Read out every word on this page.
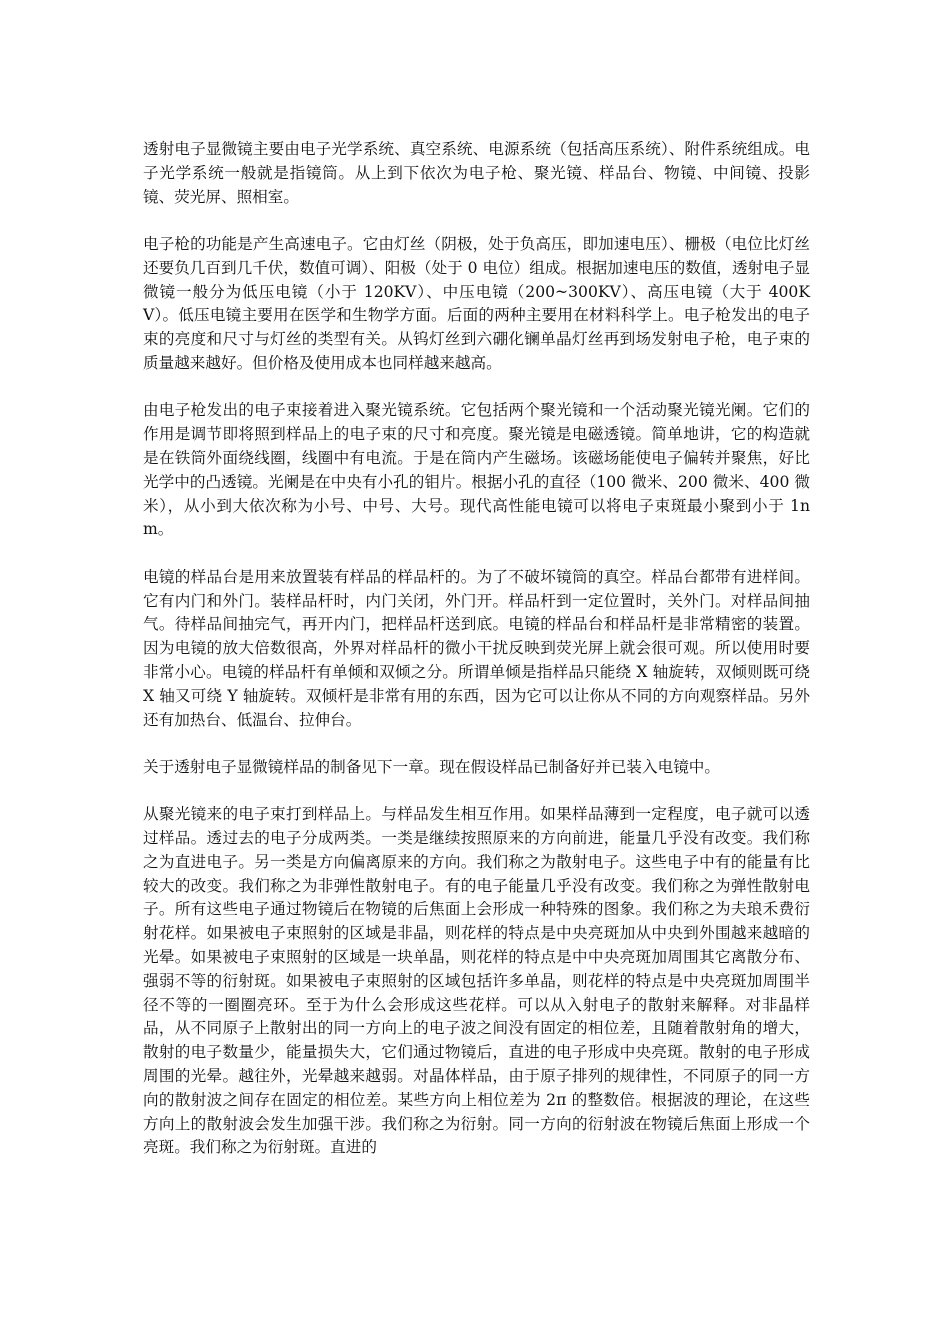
透射电子显微镜主要由电子光学系统、真空系统、电源系统（包括高压系统）、附件系统组成。电子光学系统一般就是指镜筒。从上到下依次为电子枪、聚光镜、样品台、物镜、中间镜、投影镜、荧光屏、照相室。

电子枪的功能是产生高速电子。它由灯丝（阴极，处于负高压，即加速电压）、栅极（电位比灯丝还要负几百到几千伏，数值可调）、阳极（处于 0 电位）组成。根据加速电压的数值，透射电子显微镜一般分为低压电镜（小于 120KV）、中压电镜（200~300KV）、高压电镜（大于 400KV）。低压电镜主要用在医学和生物学方面。后面的两种主要用在材料科学上。电子枪发出的电子束的亮度和尺寸与灯丝的类型有关。从钨灯丝到六硼化镧单晶灯丝再到场发射电子枪，电子束的质量越来越好。但价格及使用成本也同样越来越高。

由电子枪发出的电子束接着进入聚光镜系统。它包括两个聚光镜和一个活动聚光镜光阑。它们的作用是调节即将照到样品上的电子束的尺寸和亮度。聚光镜是电磁透镜。简单地讲，它的构造就是在铁筒外面绕线圈，线圈中有电流。于是在筒内产生磁场。该磁场能使电子偏转并聚焦，好比光学中的凸透镜。光阑是在中央有小孔的钼片。根据小孔的直径（100 微米、200 微米、400 微米），从小到大依次称为小号、中号、大号。现代高性能电镜可以将电子束斑最小聚到小于 1nm。

电镜的样品台是用来放置装有样品的样品杆的。为了不破坏镜筒的真空。样品台都带有进样间。它有内门和外门。装样品杆时，内门关闭，外门开。样品杆到一定位置时，关外门。对样品间抽气。待样品间抽完气，再开内门，把样品杆送到底。电镜的样品台和样品杆是非常精密的装置。因为电镜的放大倍数很高，外界对样品杆的微小干扰反映到荧光屏上就会很可观。所以使用时要非常小心。电镜的样品杆有单倾和双倾之分。所谓单倾是指样品只能绕 X 轴旋转，双倾则既可绕 X 轴又可绕 Y 轴旋转。双倾杆是非常有用的东西，因为它可以让你从不同的方向观察样品。另外还有加热台、低温台、拉伸台。

关于透射电子显微镜样品的制备见下一章。现在假设样品已制备好并已装入电镜中。

从聚光镜来的电子束打到样品上。与样品发生相互作用。如果样品薄到一定程度，电子就可以透过样品。透过去的电子分成两类。一类是继续按照原来的方向前进，能量几乎没有改变。我们称之为直进电子。另一类是方向偏离原来的方向。我们称之为散射电子。这些电子中有的能量有比较大的改变。我们称之为非弹性散射电子。有的电子能量几乎没有改变。我们称之为弹性散射电子。所有这些电子通过物镜后在物镜的后焦面上会形成一种特殊的图象。我们称之为夫琅禾费衍射花样。如果被电子束照射的区域是非晶，则花样的特点是中央亮斑加从中央到外围越来越暗的光晕。如果被电子束照射的区域是一块单晶，则花样的特点是中中央亮斑加周围其它离散分布、强弱不等的衍射斑。如果被电子束照射的区域包括许多单晶，则花样的特点是中央亮斑加周围半径不等的一圈圈亮环。至于为什么会形成这些花样。可以从入射电子的散射来解释。对非晶样品，从不同原子上散射出的同一方向上的电子波之间没有固定的相位差，且随着散射角的增大，散射的电子数量少，能量损失大，它们通过物镜后，直进的电子形成中央亮斑。散射的电子形成周围的光晕。越往外，光晕越来越弱。对晶体样品，由于原子排列的规律性，不同原子的同一方向的散射波之间存在固定的相位差。某些方向上相位差为 2π 的整数倍。根据波的理论，在这些方向上的散射波会发生加强干涉。我们称之为衍射。同一方向的衍射波在物镜后焦面上形成一个亮斑。我们称之为衍射斑。直进的
